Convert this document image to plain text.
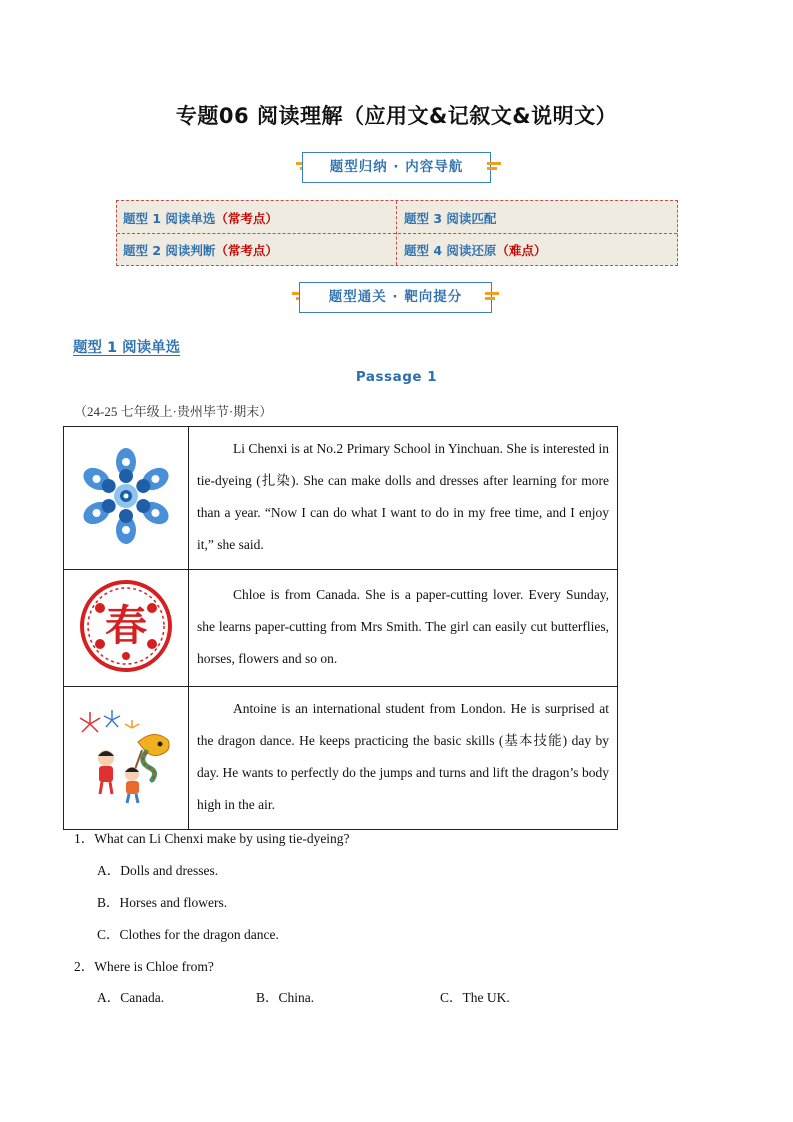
专题06 阅读理解（应用文&记叙文&说明文）
题型归纳 · 内容导航
题型 1 阅读单选（常考点）	题型 3 阅读匹配
题型 2 阅读判断（常考点）	题型 4 阅读还原（难点）
题型通关 · 靶向提分
题型 1 阅读单选
Passage 1
（24-25 七年级上·贵州毕节·期末）

Li Chenxi is at No.2 Primary School in Yinchuan. She is interested in tie-dyeing (扎染). She can make dolls and dresses after learning for more than a year. “Now I can do what I want to do in my free time, and I enjoy it,” she said.

春	Chloe is from Canada. She is a paper-cutting lover. Every Sunday, she learns paper-cutting from Mrs Smith. The girl can easily cut butterflies, horses, flowers and so on.

Antoine is an international student from London. He is surprised at the dragon dance. He keeps practicing the basic skills (基本技能) day by day. He wants to perfectly do the jumps and turns and lift the dragon’s body high in the air.

1．What can Li Chenxi make by using tie-dyeing?
A．Dolls and dresses.
B．Horses and flowers.
C．Clothes for the dragon dance.
2．Where is Chloe from?
A．Canada.	B．China.	C．The UK.
